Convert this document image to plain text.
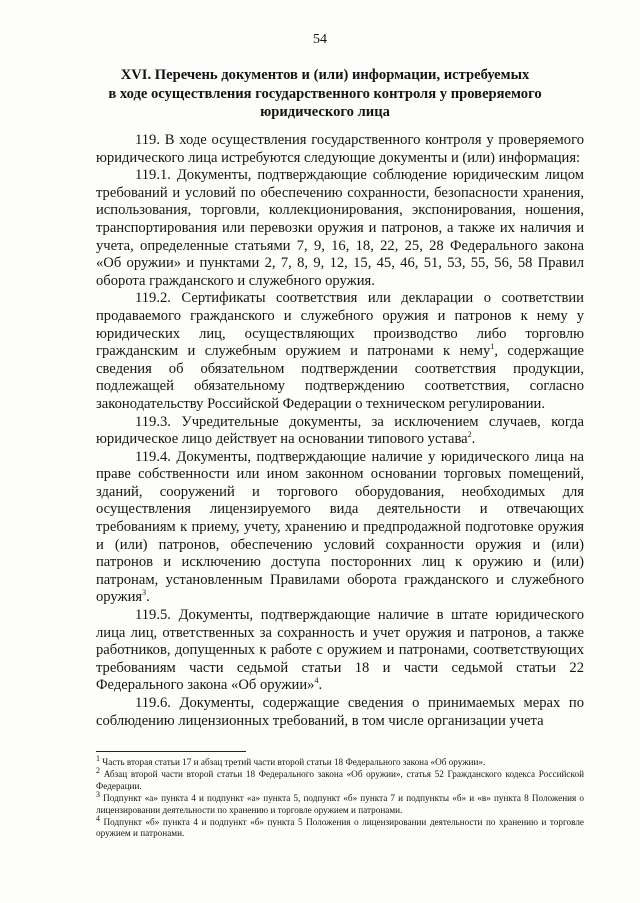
54
XVI. Перечень документов и (или) информации, истребуемых
в ходе осуществления государственного контроля у проверяемого
юридического лица

119. В ходе осуществления государственного контроля у проверяемого юридического лица истребуются следующие документы и (или) информация:

119.1. Документы, подтверждающие соблюдение юридическим лицом требований и условий по обеспечению сохранности, безопасности хранения, использования, торговли, коллекционирования, экспонирования, ношения, транспортирования или перевозки оружия и патронов, а также их наличия и учета, определенные статьями 7, 9, 16, 18, 22, 25, 28 Федерального закона «Об оружии» и пунктами 2, 7, 8, 9, 12, 15, 45, 46, 51, 53, 55, 56, 58 Правил оборота гражданского и служебного оружия.

119.2. Сертификаты соответствия или декларации о соответствии продаваемого гражданского и служебного оружия и патронов к нему у юридических лиц, осуществляющих производство либо торговлю гражданским и служебным оружием и патронами к нему$^1$, содержащие сведения об обязательном подтверждении соответствия продукции, подлежащей обязательному подтверждению соответствия, согласно законодательству Российской Федерации о техническом регулировании.

119.3. Учредительные документы, за исключением случаев, когда юридическое лицо действует на основании типового устава$^2$.

119.4. Документы, подтверждающие наличие у юридического лица на праве собственности или ином законном основании торговых помещений, зданий, сооружений и торгового оборудования, необходимых для осуществления лицензируемого вида деятельности и отвечающих требованиям к приему, учету, хранению и предпродажной подготовке оружия и (или) патронов, обеспечению условий сохранности оружия и (или) патронов и исключению доступа посторонних лиц к оружию и (или) патронам, установленным Правилами оборота гражданского и служебного оружия$^3$.

119.5. Документы, подтверждающие наличие в штате юридического лица лиц, ответственных за сохранность и учет оружия и патронов, а также работников, допущенных к работе с оружием и патронами, соответствующих требованиям части седьмой статьи 18 и части седьмой статьи 22 Федерального закона «Об оружии»$^4$.

119.6. Документы, содержащие сведения о принимаемых мерах по соблюдению лицензионных требований, в том числе организации учета

$^1$ Часть вторая статьи 17 и абзац третий части второй статьи 18 Федерального закона «Об оружии».
$^2$ Абзац второй части второй статьи 18 Федерального закона «Об оружии», статья 52 Гражданского кодекса Российской Федерации.
$^3$ Подпункт «а» пункта 4 и подпункт «а» пункта 5, подпункт «б» пункта 7 и подпункты «б» и «в» пункта 8 Положения о лицензировании деятельности по хранению и торговле оружием и патронами.
$^4$ Подпункт «б» пункта 4 и подпункт «б» пункта 5 Положения о лицензировании деятельности по хранению и торговле оружием и патронами.
